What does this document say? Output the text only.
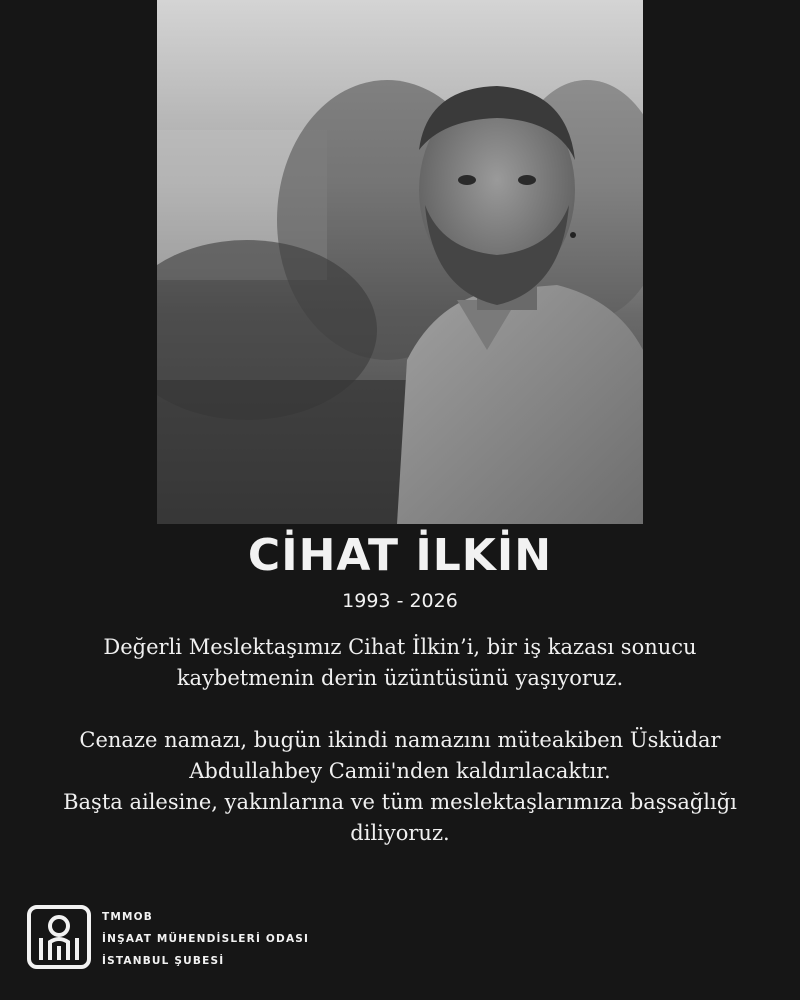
CİHAT İLKİN
1993 - 2026

Değerli Meslektaşımız Cihat İlkin’i, bir iş kazası sonucu

kaybetmenin derin üzüntüsünü yaşıyoruz.

Cenaze namazı, bugün ikindi namazını müteakiben Üsküdar

Abdullahbey Camii'nden kaldırılacaktır.

Başta ailesine, yakınlarına ve tüm meslektaşlarımıza başsağlığı

diliyoruz.

TMMOB
İNŞAAT MÜHENDİSLERİ ODASI
İSTANBUL ŞUBESİ
